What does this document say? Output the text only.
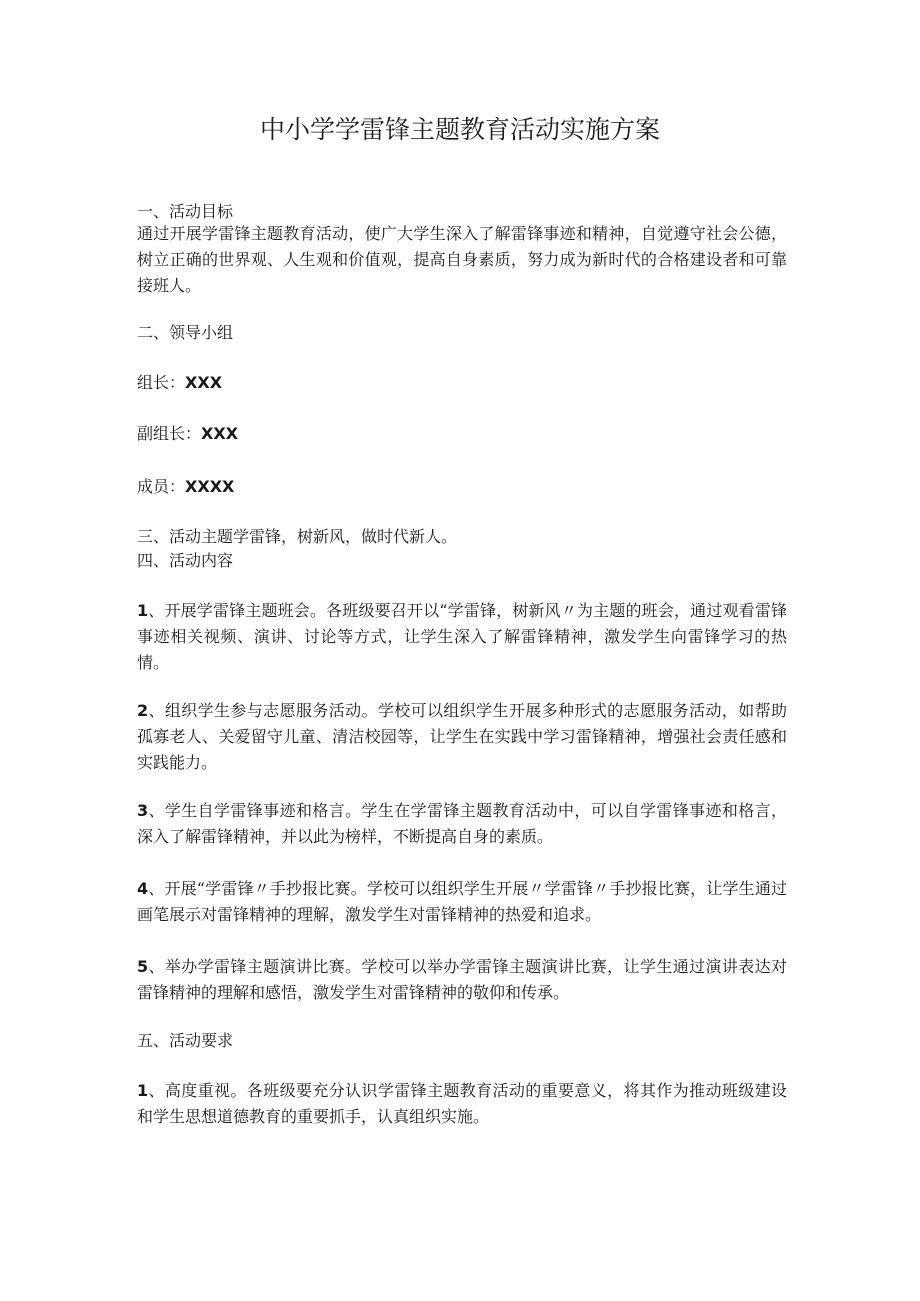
中小学学雷锋主题教育活动实施方案
一、活动目标
通过开展学雷锋主题教育活动，使广大学生深入了解雷锋事迹和精神，自觉遵守社会公德，树立正确的世界观、人生观和价值观，提高自身素质，努力成为新时代的合格建设者和可靠接班人。
二、领导小组
组长：XXX
副组长：XXX
成员：XXXX
三、活动主题学雷锋，树新风，做时代新人。
四、活动内容
1、开展学雷锋主题班会。各班级要召开以“学雷锋，树新风〃为主题的班会，通过观看雷锋事迹相关视频、演讲、讨论等方式，让学生深入了解雷锋精神，激发学生向雷锋学习的热情。
2、组织学生参与志愿服务活动。学校可以组织学生开展多种形式的志愿服务活动，如帮助孤寡老人、关爱留守儿童、清洁校园等，让学生在实践中学习雷锋精神，增强社会责任感和实践能力。
3、学生自学雷锋事迹和格言。学生在学雷锋主题教育活动中，可以自学雷锋事迹和格言，深入了解雷锋精神，并以此为榜样，不断提高自身的素质。
4、开展“学雷锋〃手抄报比赛。学校可以组织学生开展〃学雷锋〃手抄报比赛，让学生通过画笔展示对雷锋精神的理解，激发学生对雷锋精神的热爱和追求。
5、举办学雷锋主题演讲比赛。学校可以举办学雷锋主题演讲比赛，让学生通过演讲表达对雷锋精神的理解和感悟，激发学生对雷锋精神的敬仰和传承。
五、活动要求
1、高度重视。各班级要充分认识学雷锋主题教育活动的重要意义，将其作为推动班级建设和学生思想道德教育的重要抓手，认真组织实施。
